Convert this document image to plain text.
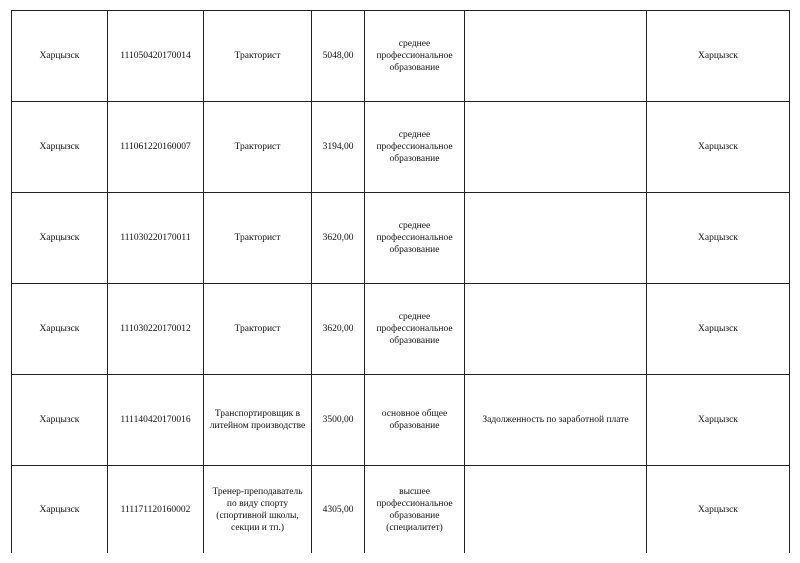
Харцызск	111050420170014	Тракторист	5048,00	среднее профессиональное образование		Харцызск

Харцызск	111061220160007	Тракторист	3194,00	среднее профессиональное образование		Харцызск

Харцызск	111030220170011	Тракторист	3620,00	среднее профессиональное образование		Харцызск

Харцызск	111030220170012	Тракторист	3620,00	среднее профессиональное образование		Харцызск

Харцызск	111140420170016	Транспортировщик в литейном производстве	3500,00	основное общее образование	Задолженность по заработной плате	Харцызск

Харцызск	111171120160002	Тренер-преподаватель по виду спорту (спортивной школы, секции и тп.)	4305,00	высшее профессиональное образование (специалитет)		Харцызск
